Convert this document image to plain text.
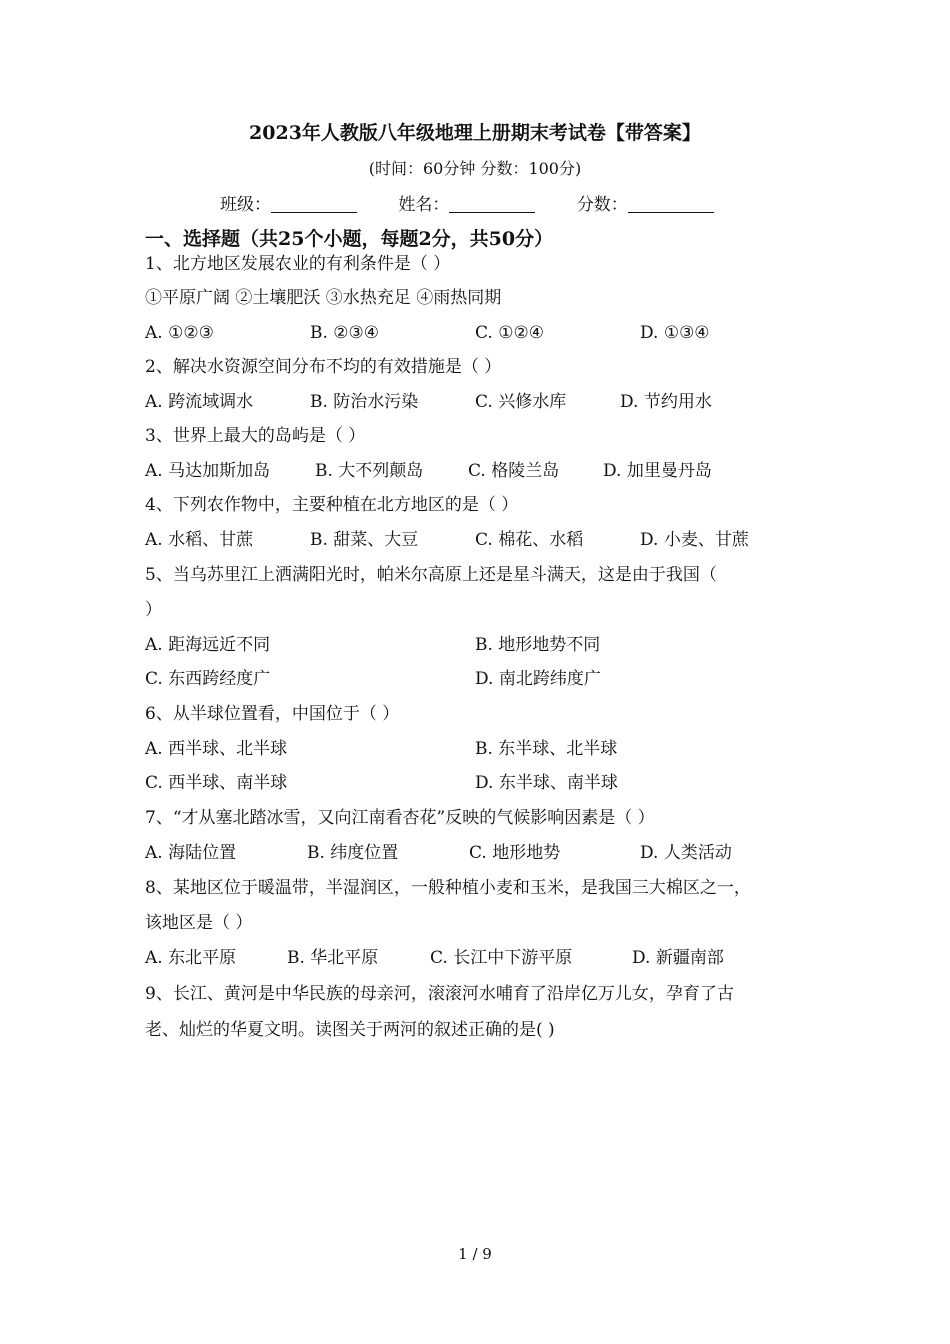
2023年人教版八年级地理上册期末考试卷【带答案】
(时间：60分钟 分数：100分)
班级：	姓名：	分数：
一、选择题（共25个小题，每题2分，共50分）
1、北方地区发展农业的有利条件是（ ）
①平原广阔 ②土壤肥沃 ③水热充足 ④雨热同期
A. ①②③	B. ②③④	C. ①②④	D. ①③④
2、解决水资源空间分布不均的有效措施是（ ）
A. 跨流域调水	B. 防治水污染	C. 兴修水库	D. 节约用水
3、世界上最大的岛屿是（ ）
A. 马达加斯加岛	B. 大不列颠岛	C. 格陵兰岛	D. 加里曼丹岛
4、下列农作物中，主要种植在北方地区的是（ ）
A. 水稻、甘蔗	B. 甜菜、大豆	C. 棉花、水稻	D. 小麦、甘蔗
5、当乌苏里江上洒满阳光时，帕米尔高原上还是星斗满天，这是由于我国（
）
A. 距海远近不同	B. 地形地势不同
C. 东西跨经度广	D. 南北跨纬度广
6、从半球位置看，中国位于（ ）
A. 西半球、北半球	B. 东半球、北半球
C. 西半球、南半球	D. 东半球、南半球
7、“才从塞北踏冰雪，又向江南看杏花”反映的气候影响因素是（ ）
A. 海陆位置	B. 纬度位置	C. 地形地势	D. 人类活动
8、某地区位于暖温带，半湿润区，一般种植小麦和玉米，是我国三大棉区之一，
该地区是（ ）
A. 东北平原	B. 华北平原	C. 长江中下游平原	D. 新疆南部
9、长江、黄河是中华民族的母亲河，滚滚河水哺育了沿岸亿万儿女，孕育了古
老、灿烂的华夏文明。读图关于两河的叙述正确的是( )
1 / 9
